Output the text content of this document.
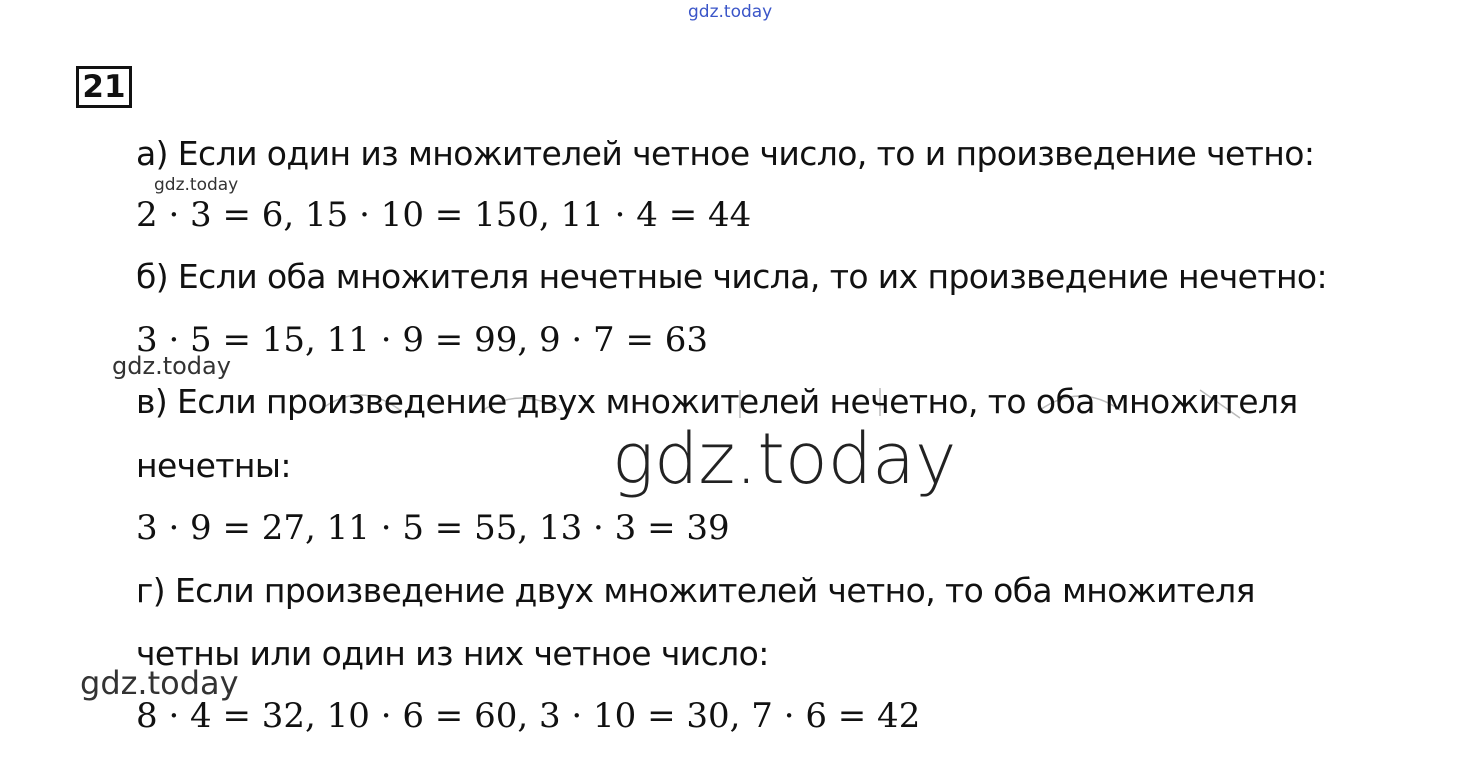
gdz.today
21
а) Если один из множителей четное число, то и произведение четно:
gdz.today
2 · 3 = 6, 15 · 10 = 150, 11 · 4 = 44
б) Если оба множителя нечетные числа, то их произведение нечетно:
3 · 5 = 15, 11 · 9 = 99, 9 · 7 = 63
gdz.today
в) Если произведение двух множителей нечетно, то оба множителя
нечетны:	gdz.today
3 · 9 = 27, 11 · 5 = 55, 13 · 3 = 39
г) Если произведение двух множителей четно, то оба множителя
четны или один из них четное число:
gdz.today
8 · 4 = 32, 10 · 6 = 60, 3 · 10 = 30, 7 · 6 = 42
